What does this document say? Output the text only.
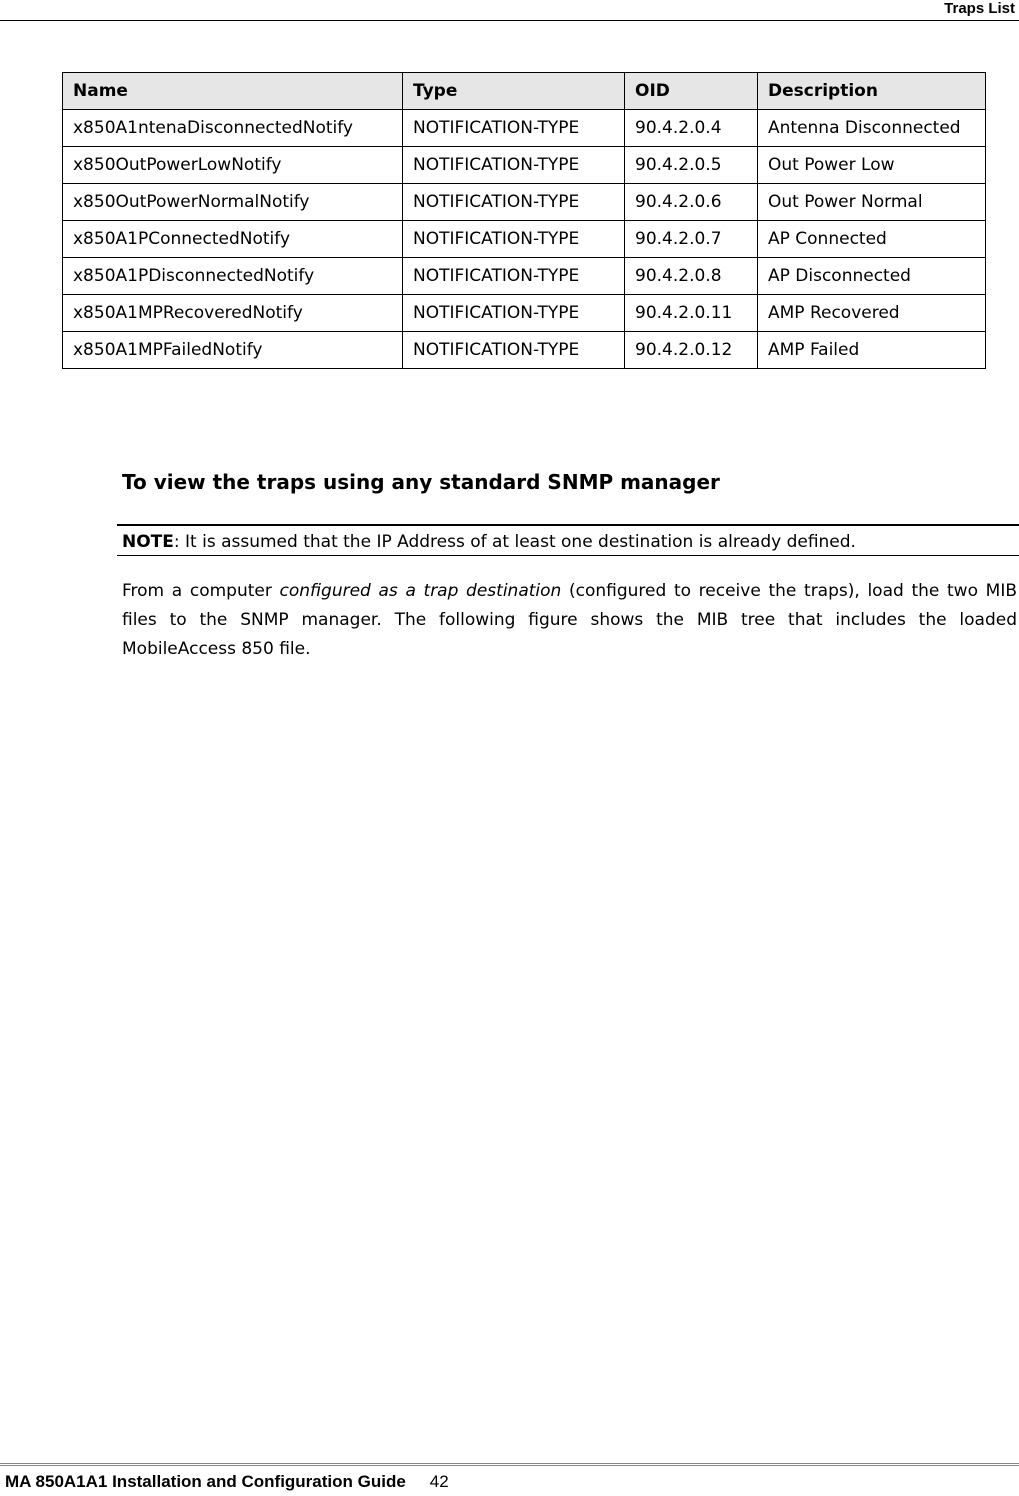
Traps List
Name	Type	OID	Description
x850A1ntenaDisconnectedNotify	NOTIFICATION-TYPE	90.4.2.0.4	Antenna Disconnected
x850OutPowerLowNotify	NOTIFICATION-TYPE	90.4.2.0.5	Out Power Low
x850OutPowerNormalNotify	NOTIFICATION-TYPE	90.4.2.0.6	Out Power Normal
x850A1PConnectedNotify	NOTIFICATION-TYPE	90.4.2.0.7	AP Connected
x850A1PDisconnectedNotify	NOTIFICATION-TYPE	90.4.2.0.8	AP Disconnected
x850A1MPRecoveredNotify	NOTIFICATION-TYPE	90.4.2.0.11	AMP Recovered
x850A1MPFailedNotify	NOTIFICATION-TYPE	90.4.2.0.12	AMP Failed
To view the traps using any standard SNMP manager
NOTE: It is assumed that the IP Address of at least one destination is already defined.

From a computer configured as a trap destination (configured to receive the traps), load the two MIB files to the SNMP manager. The following figure shows the MIB tree that includes the loaded MobileAccess 850 file.

MA 850A1A1 Installation and Configuration Guide 42
